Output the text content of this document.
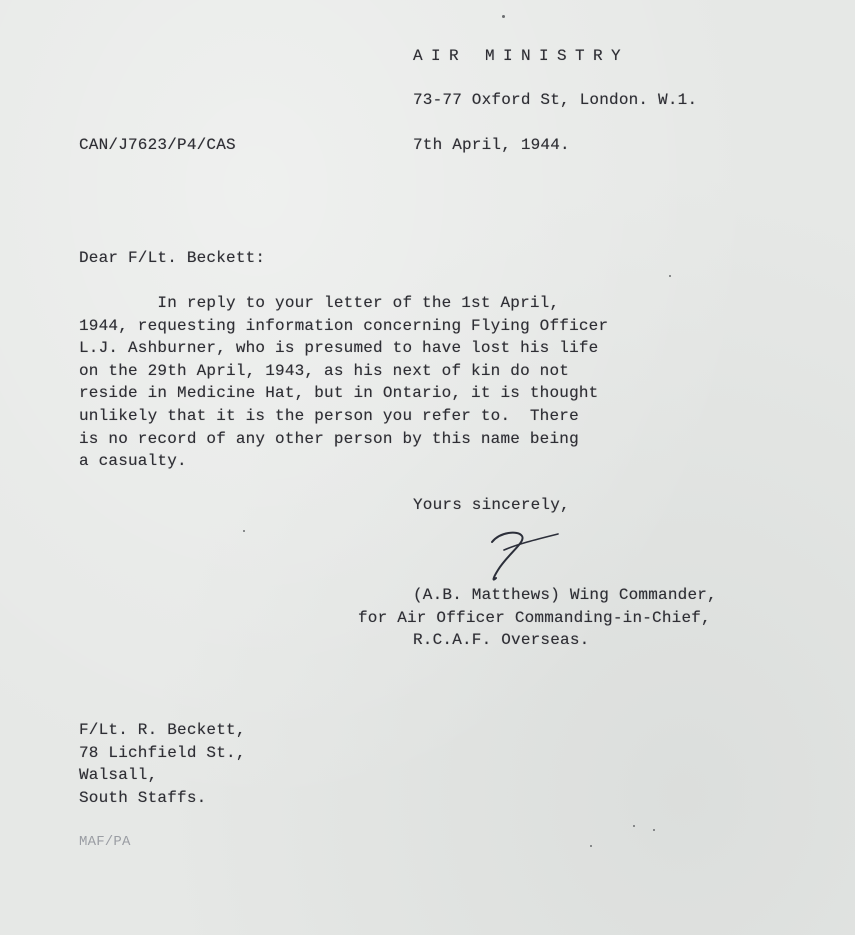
AIR MINISTRY
73-77 Oxford St, London. W.1.
CAN/J7623/P4/CAS	7th April, 1944.
Dear F/Lt. Beckett:
In reply to your letter of the 1st April,
1944, requesting information concerning Flying Officer
L.J. Ashburner, who is presumed to have lost his life
on the 29th April, 1943, as his next of kin do not
reside in Medicine Hat, but in Ontario, it is thought
unlikely that it is the person you refer to.  There
is no record of any other person by this name being
a casualty.
Yours sincerely,
(A.B. Matthews) Wing Commander,
for Air Officer Commanding-in-Chief,
R.C.A.F. Overseas.
F/Lt. R. Beckett,
78 Lichfield St.,
Walsall,
South Staffs.
MAF/PA
